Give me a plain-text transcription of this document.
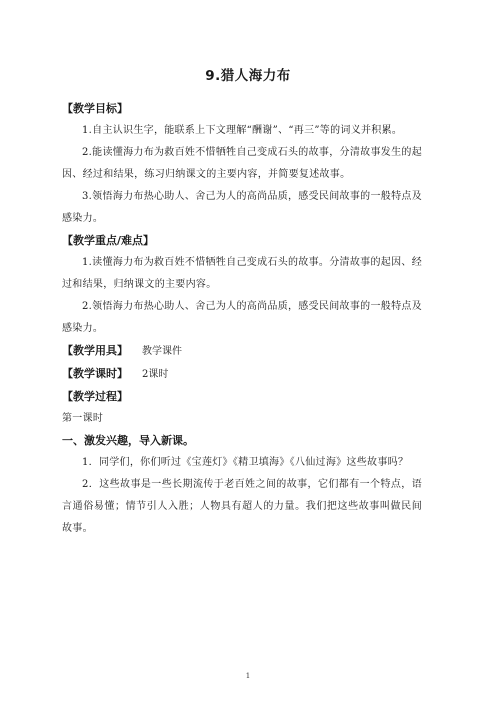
9.猎人海力布

【教学目标】

1.自主认识生字，能联系上下文理解“酬谢”、“再三”等的词义并积累。

2.能读懂海力布为救百姓不惜牺牲自己变成石头的故事，分清故事发生的起因、经过和结果，练习归纳课文的主要内容，并简要复述故事。

3.领悟海力布热心助人、舍己为人的高尚品质，感受民间故事的一般特点及感染力。

【教学重点/难点】

1.读懂海力布为救百姓不惜牺牲自己变成石头的故事。分清故事的起因、经过和结果，归纳课文的主要内容。

2.领悟海力布热心助人、舍己为人的高尚品质，感受民间故事的一般特点及感染力。

【教学用具】 教学课件
【教学课时】 2课时

【教学过程】

第一课时

一、激发兴趣，导入新课。

1．同学们，你们听过《宝莲灯》《精卫填海》《八仙过海》这些故事吗？

2．这些故事是一些长期流传于老百姓之间的故事，它们都有一个特点，语言通俗易懂；情节引人入胜；人物具有超人的力量。我们把这些故事叫做民间故事。

1
